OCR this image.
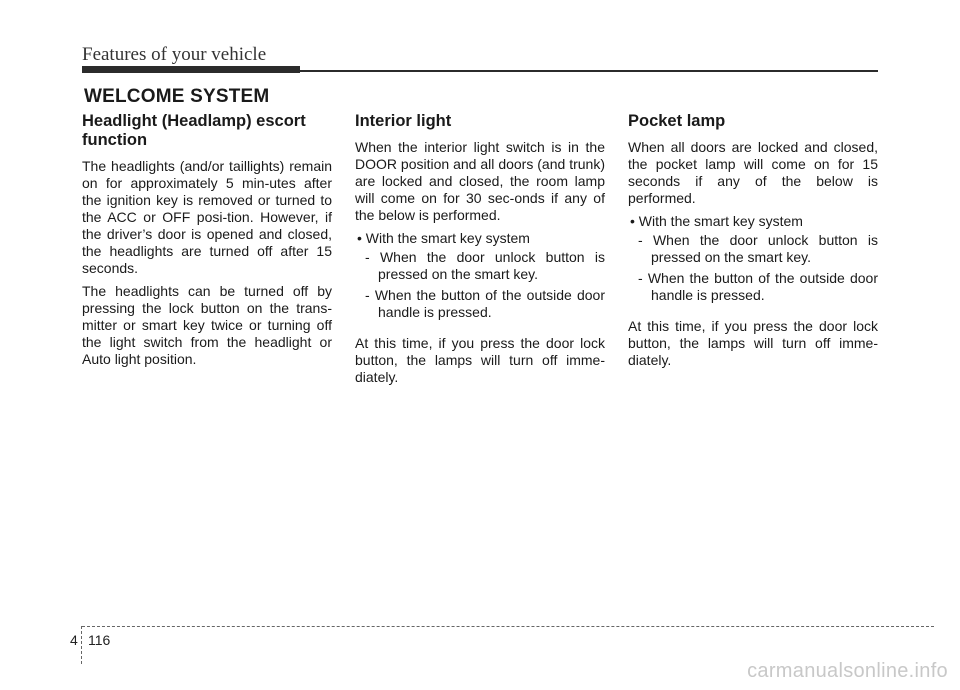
Features of your vehicle
WELCOME SYSTEM
Headlight (Headlamp) escort function

The headlights (and/or taillights) remain on for approximately 5 min-utes after the ignition key is removed or turned to the ACC or OFF posi-tion. However, if the driver’s door is opened and closed, the headlights are turned off after 15 seconds.

The headlights can be turned off by pressing the lock button on the trans-mitter or smart key twice or turning off the light switch from the headlight or Auto light position.

Interior light

When the interior light switch is in the DOOR position and all doors (and trunk) are locked and closed, the room lamp will come on for 30 sec-onds if any of the below is performed.

• With the smart key system
- When the door unlock button is pressed on the smart key.
- When the button of the outside door handle is pressed.

At this time, if you press the door lock button, the lamps will turn off imme-diately.

Pocket lamp

When all doors are locked and closed, the pocket lamp will come on for 15 seconds if any of the below is performed.

• With the smart key system
- When the door unlock button is pressed on the smart key.
- When the button of the outside door handle is pressed.

At this time, if you press the door lock button, the lamps will turn off imme-diately.

4 116
carmanualsonline.info
